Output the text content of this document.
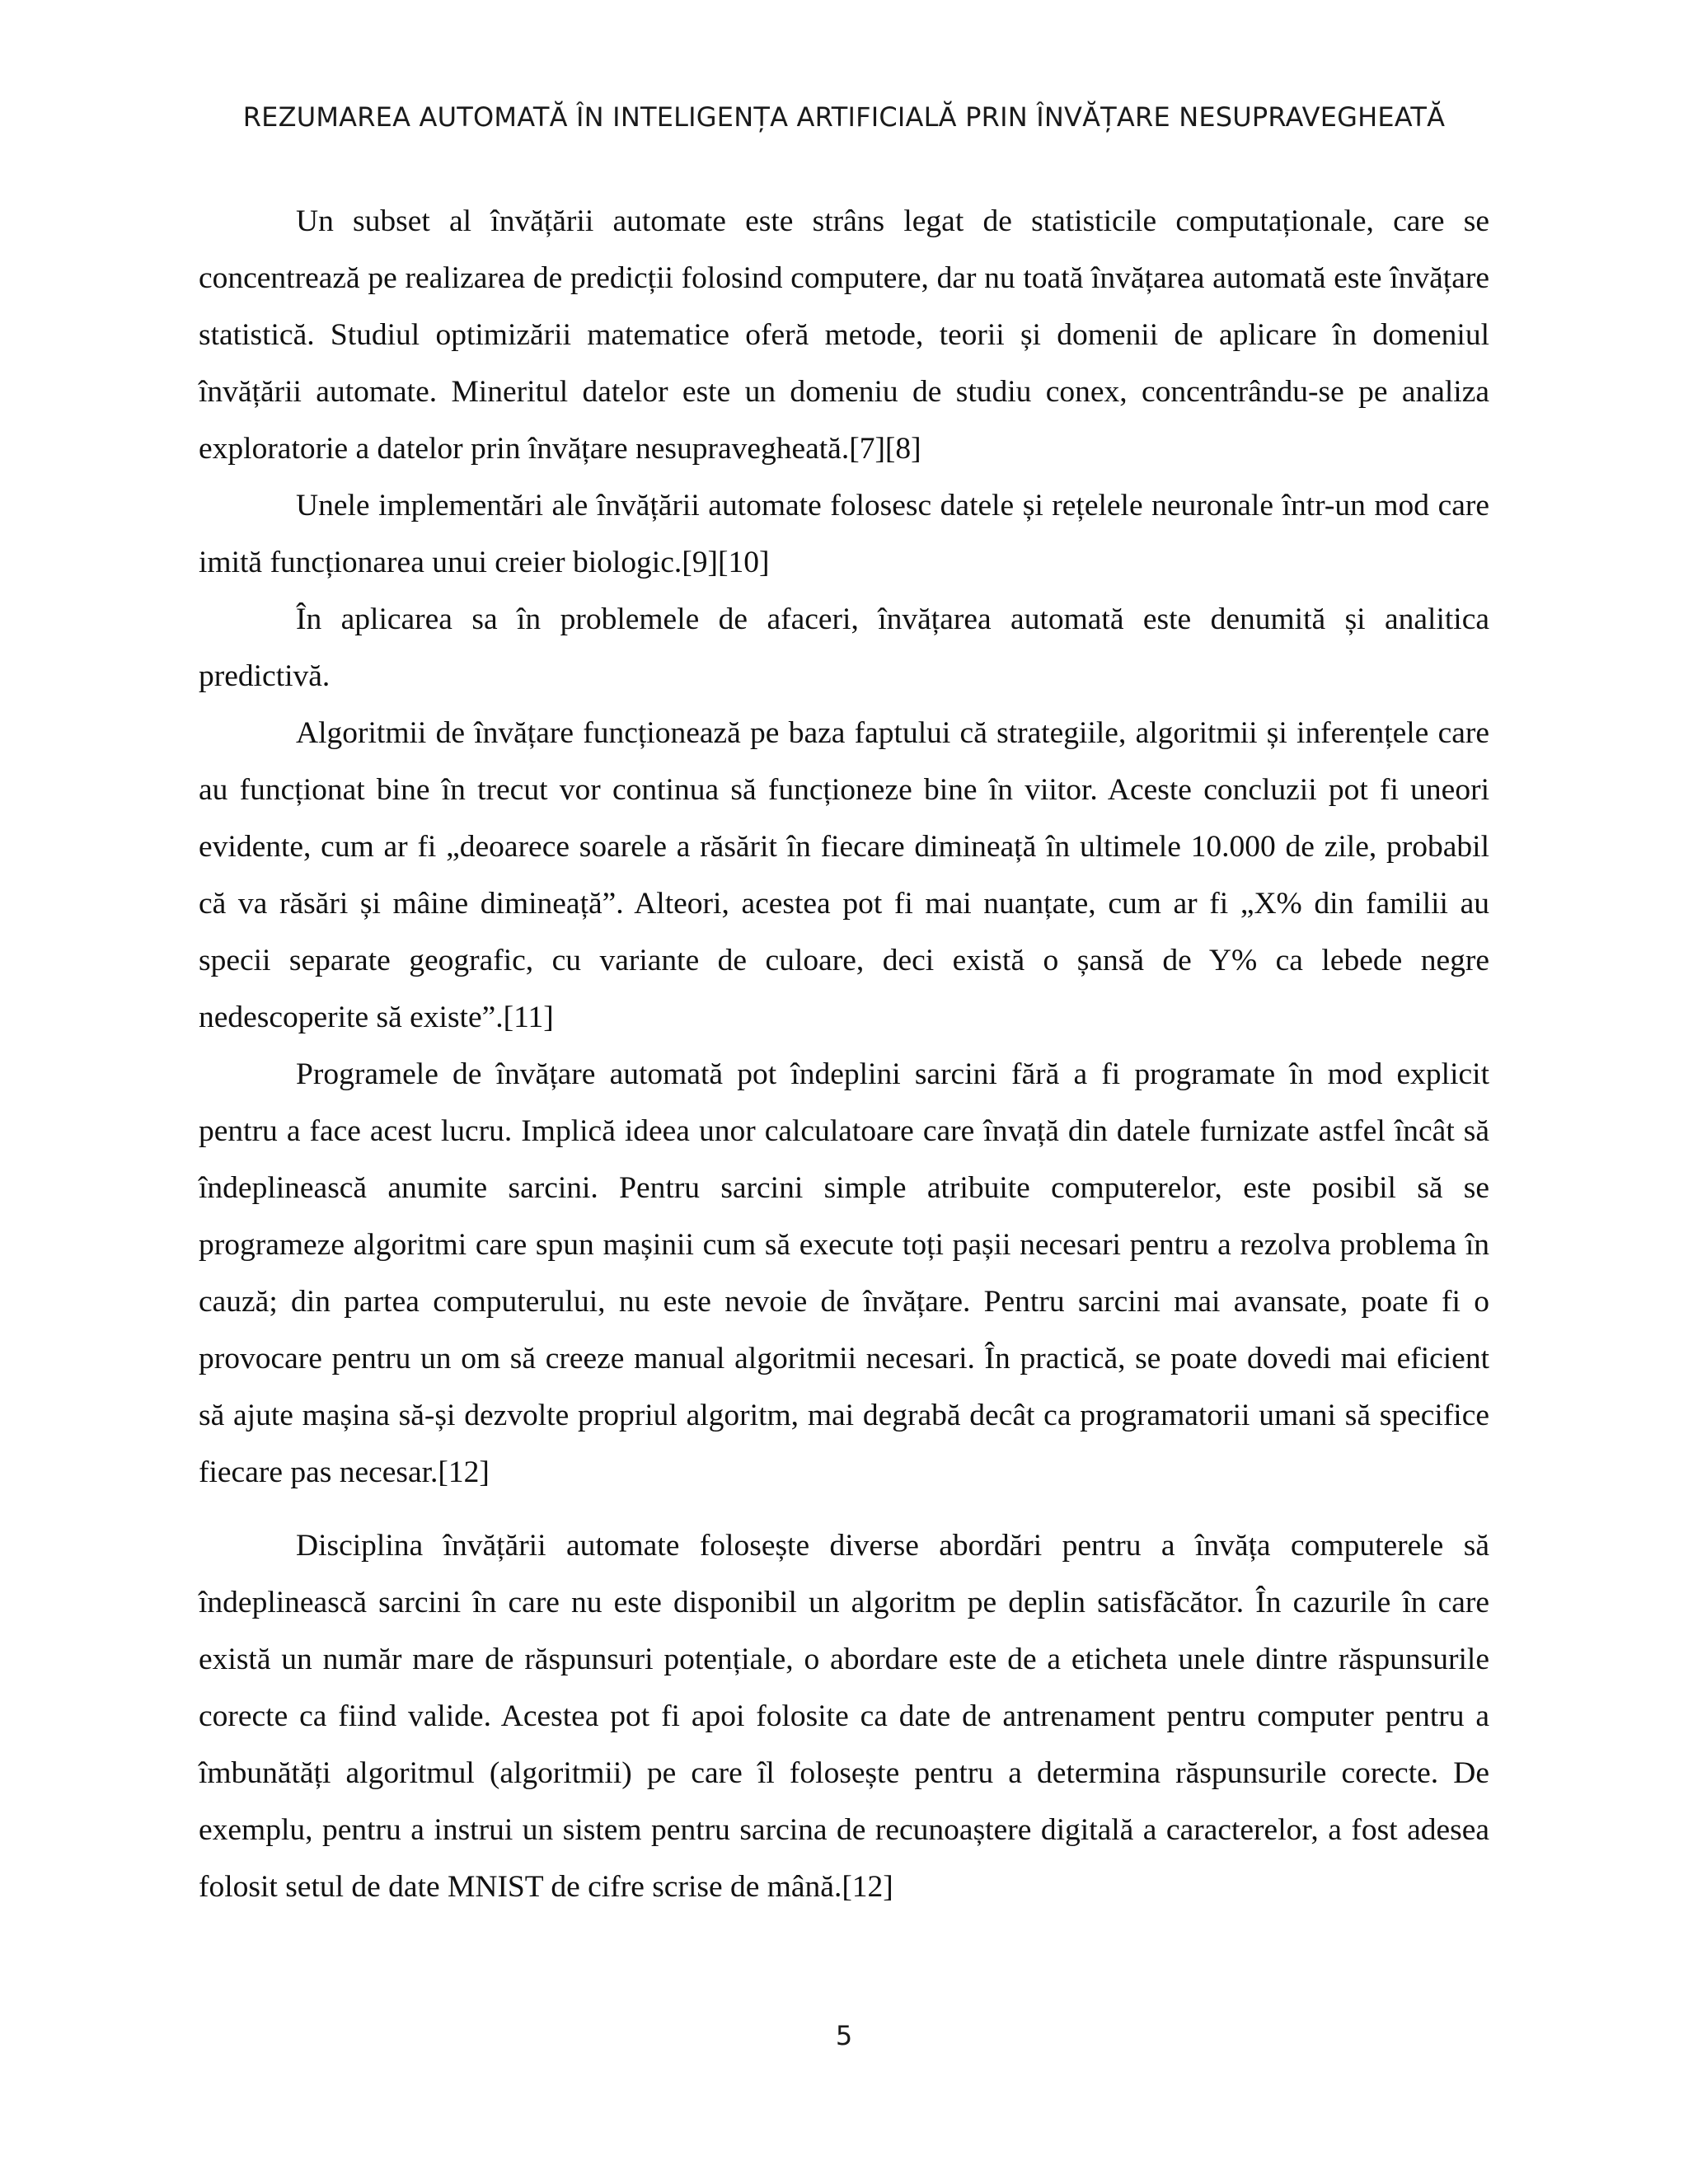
REZUMAREA AUTOMATĂ ÎN INTELIGENȚA ARTIFICIALĂ PRIN ÎNVĂȚARE NESUPRAVEGHEATĂ

Un subset al învățării automate este strâns legat de statisticile computaționale, care se concentrează pe realizarea de predicții folosind computere, dar nu toată învățarea automată este învățare statistică. Studiul optimizării matematice oferă metode, teorii și domenii de aplicare în domeniul învățării automate. Mineritul datelor este un domeniu de studiu conex, concentrându-se pe analiza exploratorie a datelor prin învățare nesupravegheată.[7][8]

Unele implementări ale învățării automate folosesc datele și rețelele neuronale într-un mod care imită funcționarea unui creier biologic.[9][10]

În aplicarea sa în problemele de afaceri, învățarea automată este denumită și analitica predictivă.

Algoritmii de învățare funcționează pe baza faptului că strategiile, algoritmii și inferențele care au funcționat bine în trecut vor continua să funcționeze bine în viitor. Aceste concluzii pot fi uneori evidente, cum ar fi „deoarece soarele a răsărit în fiecare dimineață în ultimele 10.000 de zile, probabil că va răsări și mâine dimineață”. Alteori, acestea pot fi mai nuanțate, cum ar fi „X% din familii au specii separate geografic, cu variante de culoare, deci există o șansă de Y% ca lebede negre nedescoperite să existe”.[11]

Programele de învățare automată pot îndeplini sarcini fără a fi programate în mod explicit pentru a face acest lucru. Implică ideea unor calculatoare care învață din datele furnizate astfel încât să îndeplinească anumite sarcini. Pentru sarcini simple atribuite computerelor, este posibil să se programeze algoritmi care spun mașinii cum să execute toți pașii necesari pentru a rezolva problema în cauză; din partea computerului, nu este nevoie de învățare. Pentru sarcini mai avansate, poate fi o provocare pentru un om să creeze manual algoritmii necesari. În practică, se poate dovedi mai eficient să ajute mașina să-și dezvolte propriul algoritm, mai degrabă decât ca programatorii umani să specifice fiecare pas necesar.[12]

Disciplina învățării automate folosește diverse abordări pentru a învăța computerele să îndeplinească sarcini în care nu este disponibil un algoritm pe deplin satisfăcător. În cazurile în care există un număr mare de răspunsuri potențiale, o abordare este de a eticheta unele dintre răspunsurile corecte ca fiind valide. Acestea pot fi apoi folosite ca date de antrenament pentru computer pentru a îmbunătăți algoritmul (algoritmii) pe care îl folosește pentru a determina răspunsurile corecte. De exemplu, pentru a instrui un sistem pentru sarcina de recunoaștere digitală a caracterelor, a fost adesea folosit setul de date MNIST de cifre scrise de mână.[12]

5
